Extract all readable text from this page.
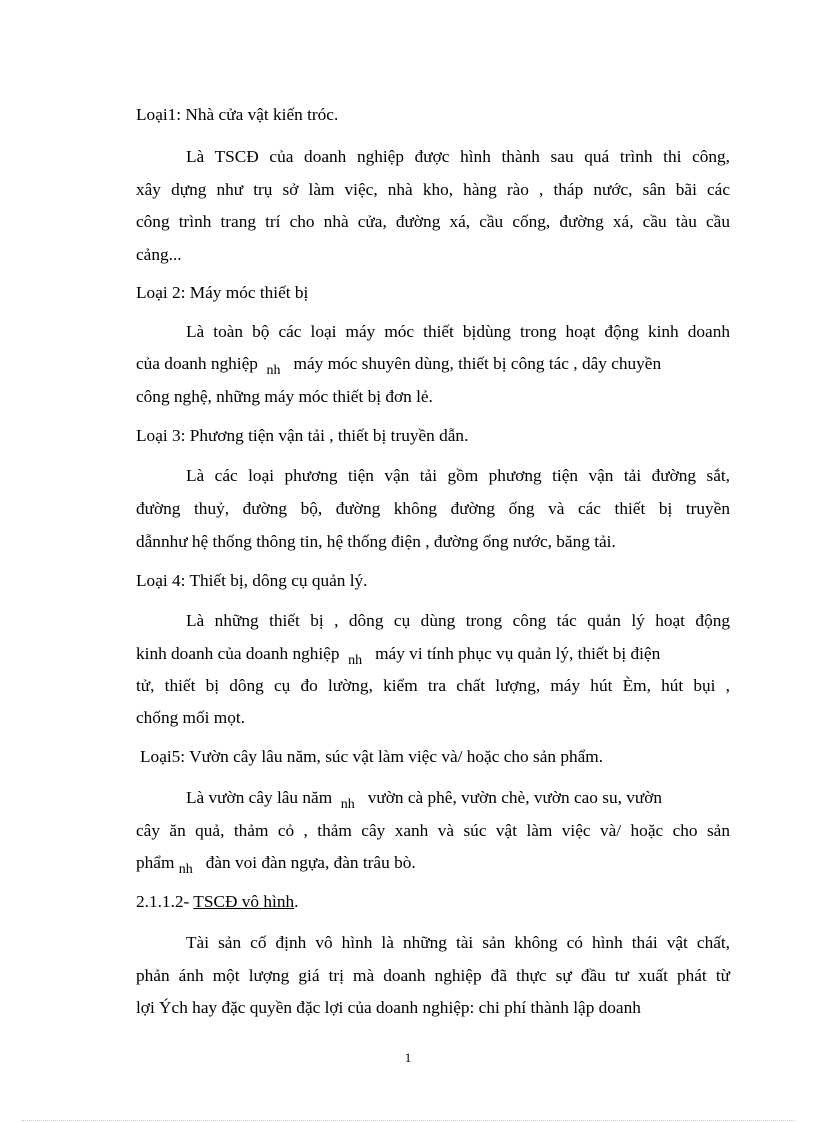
Loại1: Nhà cửa vật kiến tróc.
Là TSCĐ của doanh nghiệp được hình thành sau quá trình thi công,
xây dựng như trụ sở làm việc, nhà kho, hàng rào , tháp nước, sân bãi các
công trình trang trí cho nhà cửa, đường xá, cầu cống, đường xá, cầu tàu cầu
cảng...
Loại 2: Máy móc thiết bị
Là toàn bộ các loại máy móc thiết bịdùng trong hoạt động kinh doanh
của doanh nghiệp $_{nh}$ máy móc shuyên dùng, thiết bị công tác , dây chuyền
công nghệ, những máy móc thiết bị đơn lẻ.
Loại 3: Phương tiện vận tải , thiết bị truyền dẫn.
Là các loại phương tiện vận tải gồm phương tiện vận tải đường sắt,
đường thuỷ, đường bộ, đường không đường ống và các thiết bị truyền
dẫnnhư hệ thống thông tin, hệ thống điện , đường ống nước, băng tải.
Loại 4: Thiết bị, dông cụ quản lý.
Là những thiết bị , dông cụ dùng trong công tác quản lý hoạt động
kinh doanh của doanh nghiệp $_{nh}$ máy vi tính phục vụ quản lý, thiết bị điện
tử, thiết bị dông cụ đo lường, kiểm tra chất lượng, máy hút Èm, hút bụi ,
chống mối mọt.
Loại5: Vườn cây lâu năm, súc vật làm việc và/ hoặc cho sản phẩm.
Là vườn cây lâu năm $_{nh}$ vườn cà phê, vườn chè, vườn cao su, vườn
cây ăn quả, thảm cỏ , thảm cây xanh và súc vật làm việc và/ hoặc cho sản
phẩm $_{nh}$ đàn voi đàn ngựa, đàn trâu bò.
2.1.1.2- TSCĐ vô hình.
Tài sản cố định vô hình là những tài sản không có hình thái vật chất,
phản ánh một lượng giá trị mà doanh nghiệp đã thực sự đầu tư xuất phát từ
lợi Ých hay đặc quyền đặc lợi của doanh nghiệp: chi phí thành lập doanh
1
